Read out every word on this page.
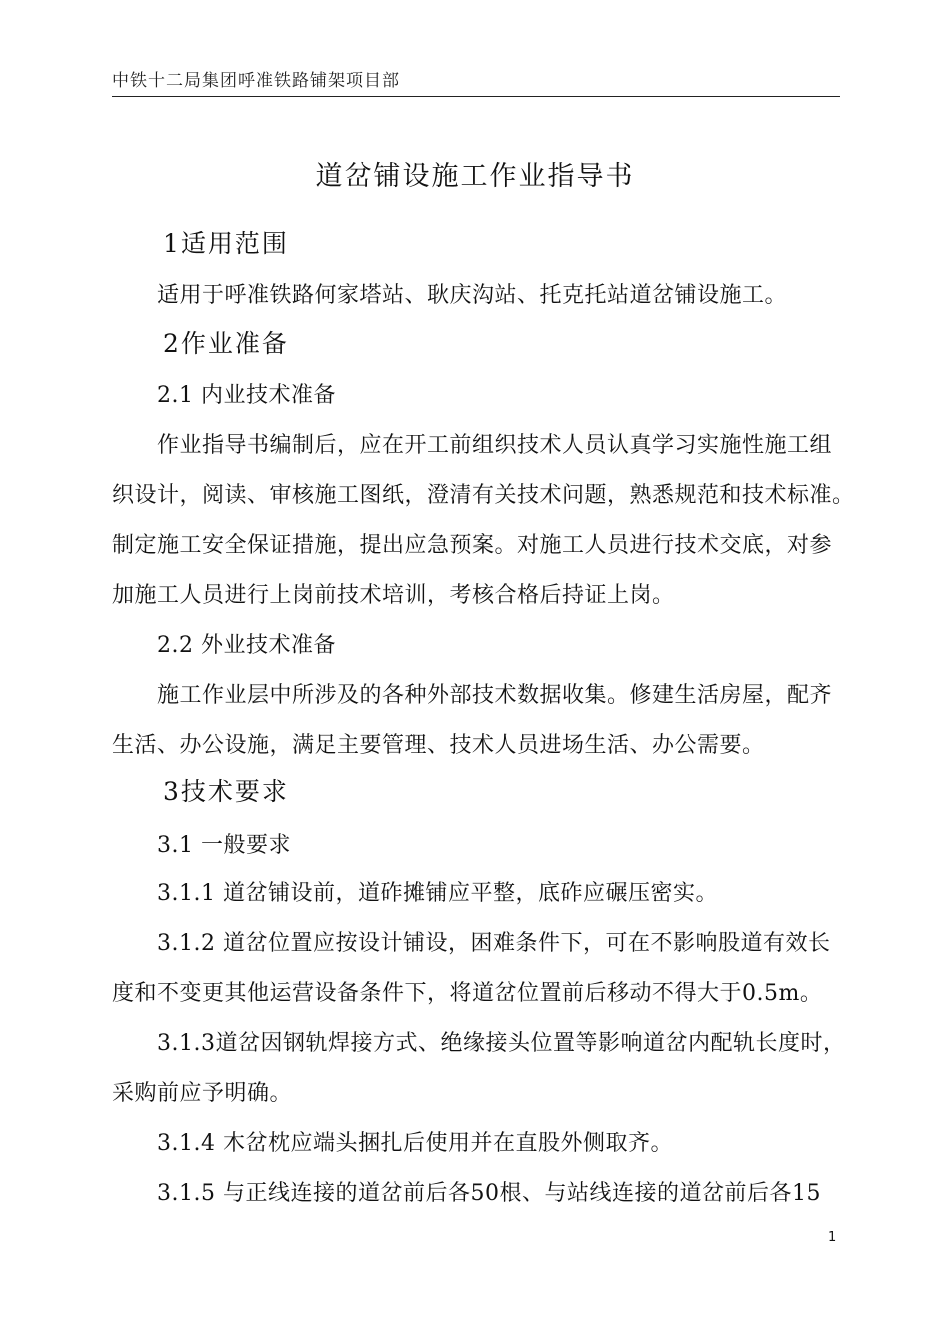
中铁十二局集团呼准铁路铺架项目部
道岔铺设施工作业指导书
1适用范围
适用于呼准铁路何家塔站、耿庆沟站、托克托站道岔铺设施工。
2作业准备
2.1 内业技术准备
作业指导书编制后，应在开工前组织技术人员认真学习实施性施工组
织设计，阅读、审核施工图纸，澄清有关技术问题，熟悉规范和技术标准。
制定施工安全保证措施，提出应急预案。对施工人员进行技术交底，对参
加施工人员进行上岗前技术培训，考核合格后持证上岗。
2.2 外业技术准备
施工作业层中所涉及的各种外部技术数据收集。修建生活房屋，配齐
生活、办公设施，满足主要管理、技术人员进场生活、办公需要。
3技术要求
3.1 一般要求
3.1.1 道岔铺设前，道砟摊铺应平整，底砟应碾压密实。
3.1.2 道岔位置应按设计铺设，困难条件下，可在不影响股道有效长
度和不变更其他运营设备条件下，将道岔位置前后移动不得大于0.5m。
3.1.3道岔因钢轨焊接方式、绝缘接头位置等影响道岔内配轨长度时，
采购前应予明确。
3.1.4 木岔枕应端头捆扎后使用并在直股外侧取齐。
3.1.5 与正线连接的道岔前后各50根、与站线连接的道岔前后各15
1
